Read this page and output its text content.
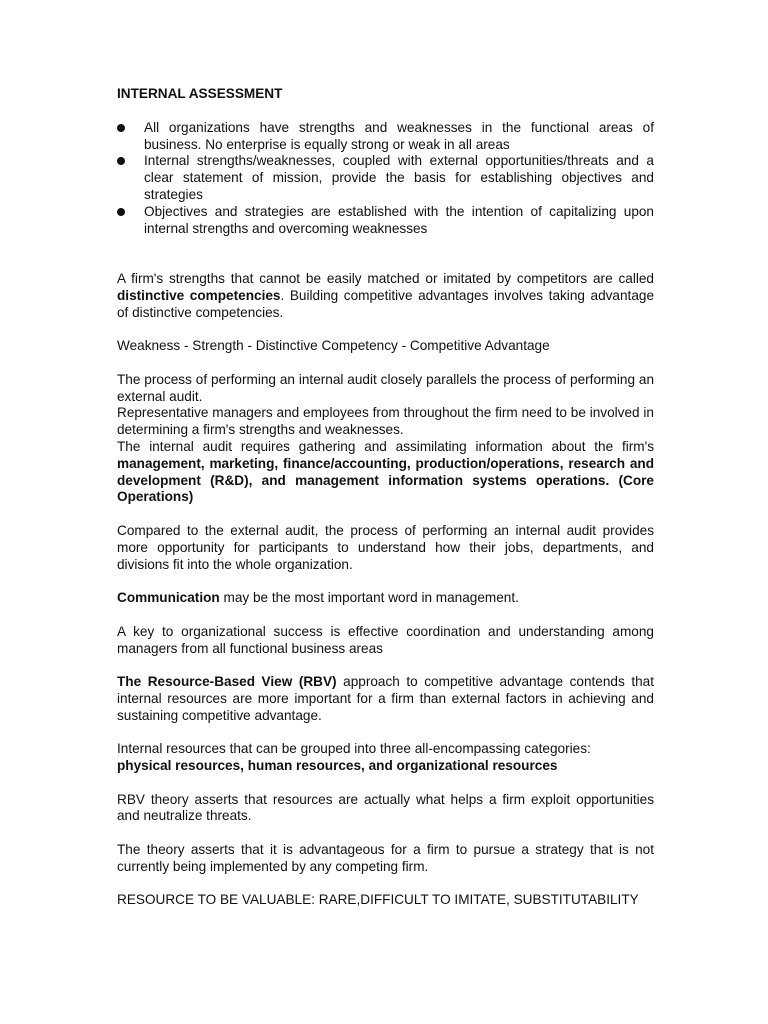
INTERNAL ASSESSMENT
All organizations have strengths and weaknesses in the functional areas of business. No enterprise is equally strong or weak in all areas
Internal strengths/weaknesses, coupled with external opportunities/threats and a clear statement of mission, provide the basis for establishing objectives and strategies
Objectives and strategies are established with the intention of capitalizing upon internal strengths and overcoming weaknesses

A firm's strengths that cannot be easily matched or imitated by competitors are called distinctive competencies. Building competitive advantages involves taking advantage of distinctive competencies.

Weakness - Strength - Distinctive Competency - Competitive Advantage

The process of performing an internal audit closely parallels the process of performing an external audit.

Representative managers and employees from throughout the firm need to be involved in determining a firm's strengths and weaknesses.

The internal audit requires gathering and assimilating information about the firm's management, marketing, finance/accounting, production/operations, research and development (R&D), and management information systems operations. (Core Operations)

Compared to the external audit, the process of performing an internal audit provides more opportunity for participants to understand how their jobs, departments, and divisions fit into the whole organization.

Communication may be the most important word in management.

A key to organizational success is effective coordination and understanding among managers from all functional business areas

The Resource-Based View (RBV) approach to competitive advantage contends that internal resources are more important for a firm than external factors in achieving and sustaining competitive advantage.

Internal resources that can be grouped into three all-encompassing categories:
physical resources, human resources, and organizational resources

RBV theory asserts that resources are actually what helps a firm exploit opportunities and neutralize threats.

The theory asserts that it is advantageous for a firm to pursue a strategy that is not currently being implemented by any competing firm.

RESOURCE TO BE VALUABLE: RARE,DIFFICULT TO IMITATE, SUBSTITUTABILITY
